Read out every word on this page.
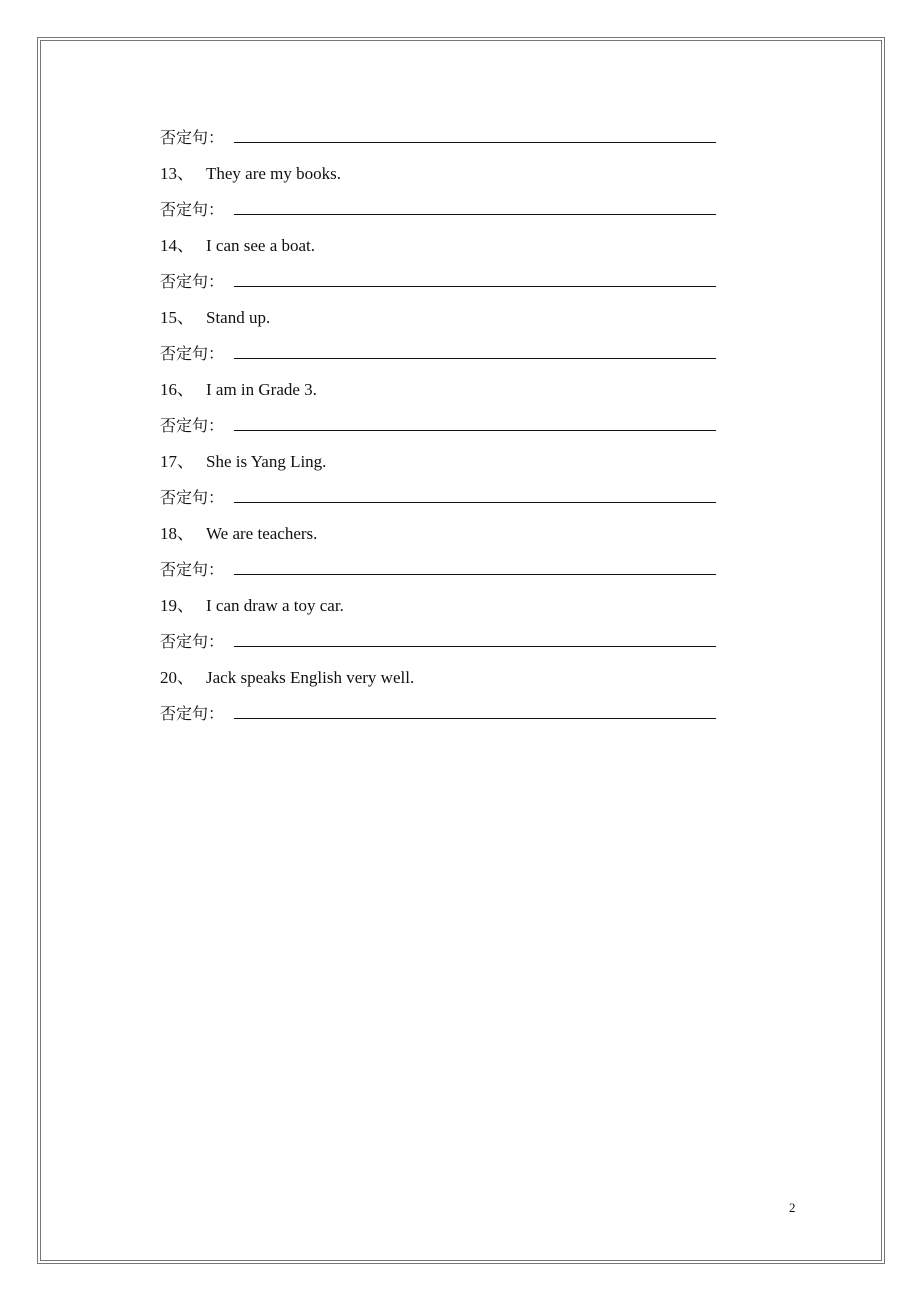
否定句：
13、 They are my books.
否定句：
14、 I can see a boat.
否定句：
15、 Stand up.
否定句：
16、 I am in Grade 3.
否定句：
17、 She is Yang Ling.
否定句：
18、 We are teachers.
否定句：
19、 I can draw a toy car.
否定句：
20、 Jack speaks English very well.
否定句：
2
